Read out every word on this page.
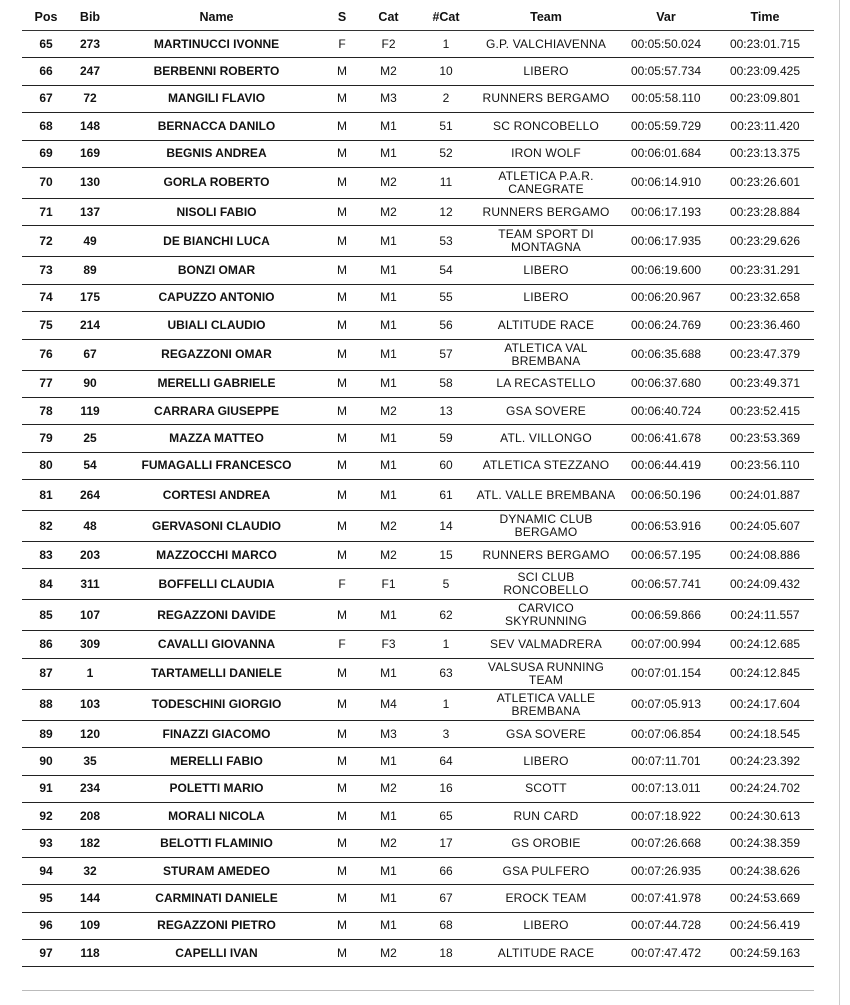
Pos	Bib	Name	S	Cat	#Cat	Team	Var	Time
65	273	MARTINUCCI IVONNE	F	F2	1	G.P. VALCHIAVENNA	00:05:50.024	00:23:01.715
66	247	BERBENNI ROBERTO	M	M2	10	LIBERO	00:05:57.734	00:23:09.425
67	72	MANGILI FLAVIO	M	M3	2	RUNNERS BERGAMO	00:05:58.110	00:23:09.801
68	148	BERNACCA DANILO	M	M1	51	SC RONCOBELLO	00:05:59.729	00:23:11.420
69	169	BEGNIS ANDREA	M	M1	52	IRON WOLF	00:06:01.684	00:23:13.375
70	130	GORLA ROBERTO	M	M2	11	ATLETICA P.A.R. CANEGRATE	00:06:14.910	00:23:26.601
71	137	NISOLI FABIO	M	M2	12	RUNNERS BERGAMO	00:06:17.193	00:23:28.884
72	49	DE BIANCHI LUCA	M	M1	53	TEAM SPORT DI MONTAGNA	00:06:17.935	00:23:29.626
73	89	BONZI OMAR	M	M1	54	LIBERO	00:06:19.600	00:23:31.291
74	175	CAPUZZO ANTONIO	M	M1	55	LIBERO	00:06:20.967	00:23:32.658
75	214	UBIALI CLAUDIO	M	M1	56	ALTITUDE RACE	00:06:24.769	00:23:36.460
76	67	REGAZZONI OMAR	M	M1	57	ATLETICA VAL BREMBANA	00:06:35.688	00:23:47.379
77	90	MERELLI GABRIELE	M	M1	58	LA RECASTELLO	00:06:37.680	00:23:49.371
78	119	CARRARA GIUSEPPE	M	M2	13	GSA SOVERE	00:06:40.724	00:23:52.415
79	25	MAZZA MATTEO	M	M1	59	ATL. VILLONGO	00:06:41.678	00:23:53.369
80	54	FUMAGALLI FRANCESCO	M	M1	60	ATLETICA STEZZANO	00:06:44.419	00:23:56.110
81	264	CORTESI ANDREA	M	M1	61	ATL. VALLE BREMBANA	00:06:50.196	00:24:01.887
82	48	GERVASONI CLAUDIO	M	M2	14	DYNAMIC CLUB BERGAMO	00:06:53.916	00:24:05.607
83	203	MAZZOCCHI MARCO	M	M2	15	RUNNERS BERGAMO	00:06:57.195	00:24:08.886
84	311	BOFFELLI CLAUDIA	F	F1	5	SCI CLUB RONCOBELLO	00:06:57.741	00:24:09.432
85	107	REGAZZONI DAVIDE	M	M1	62	CARVICO SKYRUNNING	00:06:59.866	00:24:11.557
86	309	CAVALLI GIOVANNA	F	F3	1	SEV VALMADRERA	00:07:00.994	00:24:12.685
87	1	TARTAMELLI DANIELE	M	M1	63	VALSUSA RUNNING TEAM	00:07:01.154	00:24:12.845
88	103	TODESCHINI GIORGIO	M	M4	1	ATLETICA VALLE BREMBANA	00:07:05.913	00:24:17.604
89	120	FINAZZI GIACOMO	M	M3	3	GSA SOVERE	00:07:06.854	00:24:18.545
90	35	MERELLI FABIO	M	M1	64	LIBERO	00:07:11.701	00:24:23.392
91	234	POLETTI MARIO	M	M2	16	SCOTT	00:07:13.011	00:24:24.702
92	208	MORALI NICOLA	M	M1	65	RUN CARD	00:07:18.922	00:24:30.613
93	182	BELOTTI FLAMINIO	M	M2	17	GS OROBIE	00:07:26.668	00:24:38.359
94	32	STURAM AMEDEO	M	M1	66	GSA PULFERO	00:07:26.935	00:24:38.626
95	144	CARMINATI DANIELE	M	M1	67	EROCK TEAM	00:07:41.978	00:24:53.669
96	109	REGAZZONI PIETRO	M	M1	68	LIBERO	00:07:44.728	00:24:56.419
97	118	CAPELLI IVAN	M	M2	18	ALTITUDE RACE	00:07:47.472	00:24:59.163
